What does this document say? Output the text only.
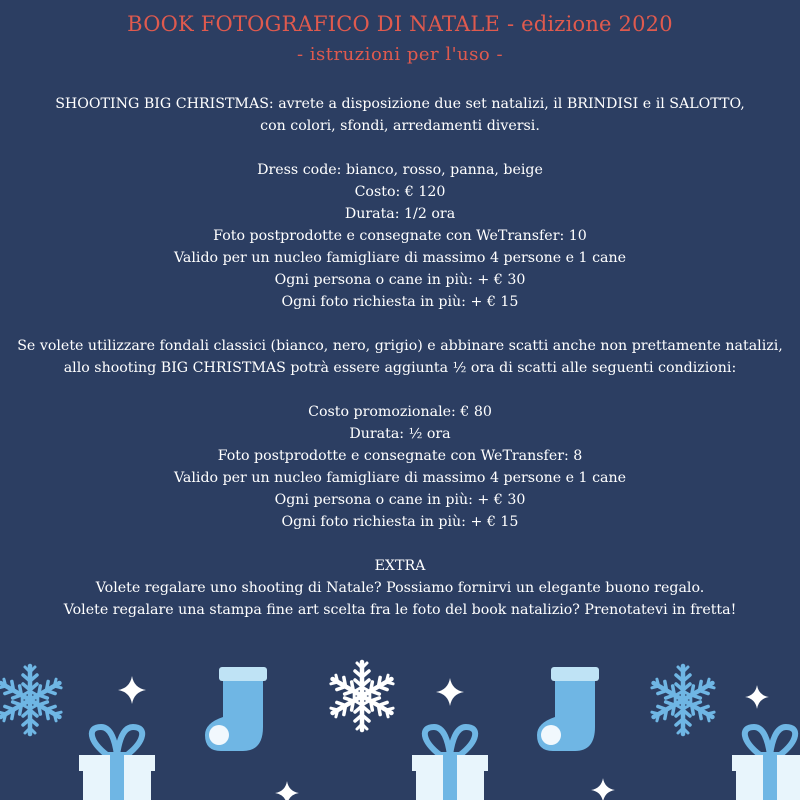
BOOK FOTOGRAFICO DI NATALE - edizione 2020
- istruzioni per l'uso -
SHOOTING BIG CHRISTMAS: avrete a disposizione due set natalizi, il BRINDISI e il SALOTTO,
con colori, sfondi, arredamenti diversi.
Dress code: bianco, rosso, panna, beige
Costo: € 120
Durata: 1/2 ora
Foto postprodotte e consegnate con WeTransfer: 10
Valido per un nucleo famigliare di massimo 4 persone e 1 cane
Ogni persona o cane in più: + € 30
Ogni foto richiesta in più: + € 15
Se volete utilizzare fondali classici (bianco, nero, grigio) e abbinare scatti anche non prettamente natalizi,
allo shooting BIG CHRISTMAS potrà essere aggiunta ½ ora di scatti alle seguenti condizioni:
Costo promozionale: € 80
Durata: ½ ora
Foto postprodotte e consegnate con WeTransfer: 8
Valido per un nucleo famigliare di massimo 4 persone e 1 cane
Ogni persona o cane in più: + € 30
Ogni foto richiesta in più: + € 15
EXTRA
Volete regalare uno shooting di Natale? Possiamo fornirvi un elegante buono regalo.
Volete regalare una stampa fine art scelta fra le foto del book natalizio? Prenotatevi in fretta!
